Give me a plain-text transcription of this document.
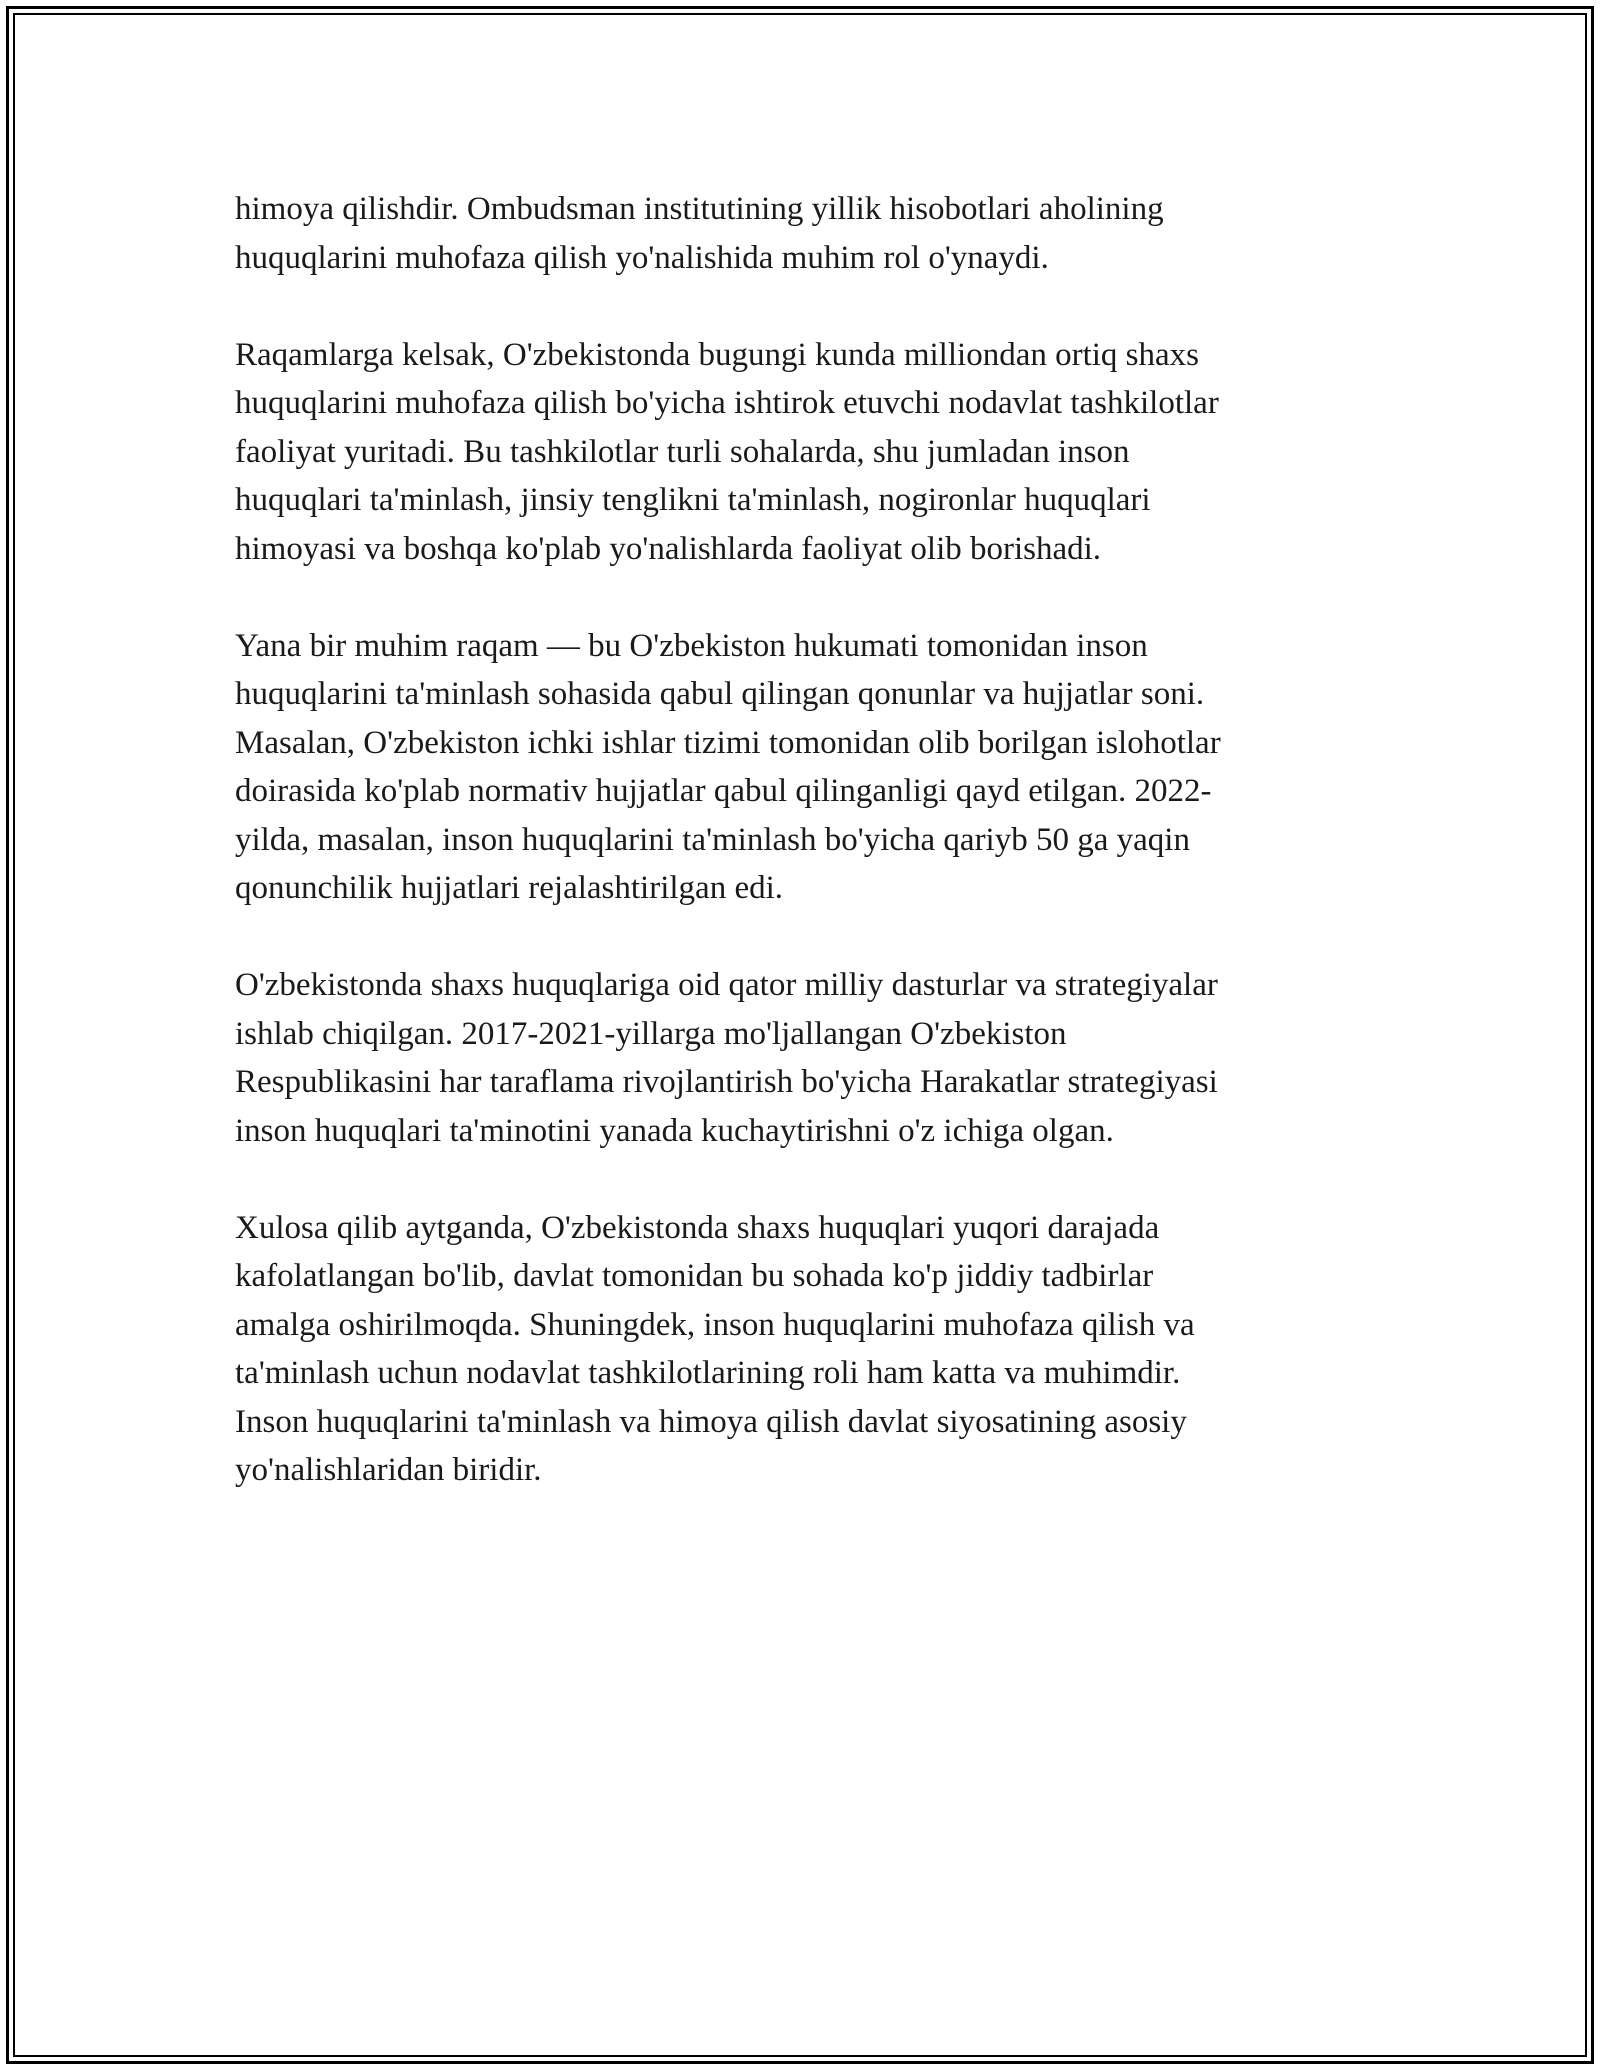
himoya qilishdir. Ombudsman institutining yillik hisobotlari aholining
huquqlarini muhofaza qilish yo'nalishida muhim rol o'ynaydi.

Raqamlarga kelsak, O'zbekistonda bugungi kunda milliondan ortiq shaxs
huquqlarini muhofaza qilish bo'yicha ishtirok etuvchi nodavlat tashkilotlar
faoliyat yuritadi. Bu tashkilotlar turli sohalarda, shu jumladan inson
huquqlari ta'minlash, jinsiy tenglikni ta'minlash, nogironlar huquqlari
himoyasi va boshqa ko'plab yo'nalishlarda faoliyat olib borishadi.

Yana bir muhim raqam — bu O'zbekiston hukumati tomonidan inson
huquqlarini ta'minlash sohasida qabul qilingan qonunlar va hujjatlar soni.
Masalan, O'zbekiston ichki ishlar tizimi tomonidan olib borilgan islohotlar
doirasida ko'plab normativ hujjatlar qabul qilinganligi qayd etilgan. 2022-
yilda, masalan, inson huquqlarini ta'minlash bo'yicha qariyb 50 ga yaqin
qonunchilik hujjatlari rejalashtirilgan edi.

O'zbekistonda shaxs huquqlariga oid qator milliy dasturlar va strategiyalar
ishlab chiqilgan. 2017-2021-yillarga mo'ljallangan O'zbekiston
Respublikasini har taraflama rivojlantirish bo'yicha Harakatlar strategiyasi
inson huquqlari ta'minotini yanada kuchaytirishni o'z ichiga olgan.

Xulosa qilib aytganda, O'zbekistonda shaxs huquqlari yuqori darajada
kafolatlangan bo'lib, davlat tomonidan bu sohada ko'p jiddiy tadbirlar
amalga oshirilmoqda. Shuningdek, inson huquqlarini muhofaza qilish va
ta'minlash uchun nodavlat tashkilotlarining roli ham katta va muhimdir.
Inson huquqlarini ta'minlash va himoya qilish davlat siyosatining asosiy
yo'nalishlaridan biridir.
